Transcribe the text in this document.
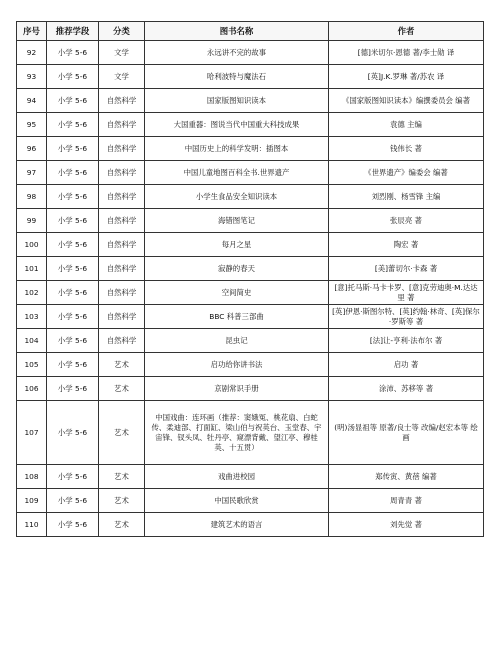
序号	推荐学段	分类	图书名称	作者
92	小学 5-6	文学	永远讲不完的故事	[德]米切尔·恩德 著/李士勋 译
93	小学 5-6	文学	哈利波特与魔法石	[英]J.K.罗琳 著/苏农 译
94	小学 5-6	自然科学	国家版图知识读本	《国家版图知识读本》编撰委员会 编著
95	小学 5-6	自然科学	大国重器：图说当代中国重大科技成果	袁德 主编
96	小学 5-6	自然科学	中国历史上的科学发明：插图本	钱伟长 著
97	小学 5-6	自然科学	中国儿童地图百科全书.世界遗产	《世界遗产》编委会 编著
98	小学 5-6	自然科学	小学生食品安全知识读本	刘烈刚、杨雪锋 主编
99	小学 5-6	自然科学	海错图笔记	张辰亮 著
100	小学 5-6	自然科学	每月之星	陶宏 著
101	小学 5-6	自然科学	寂静的春天	[美]蕾切尔·卡森 著
102	小学 5-6	自然科学	空间简史	[意]托马斯·马卡卡罗、[意]克劳迪奥·M.达达里 著
103	小学 5-6	自然科学	BBC 科普三部曲	[英]伊恩·斯图尔特、[英]约翰·林奇、[英]保尔·罗斯等 著
104	小学 5-6	自然科学	昆虫记	[法]让-亨利·法布尔 著
105	小学 5-6	艺术	启功给你讲书法	启功 著
106	小学 5-6	艺术	京剧常识手册	涂沛、苏移等 著
107	小学 5-6	艺术	中国戏曲：连环画（推荐：窦娥冤、桃花扇、白蛇传、柔迪部、打面缸、梁山伯与祝英台、玉堂春、宇宙锋、钗头凤、牡丹亭、窥漂背戴、望江亭、穆桂英、十五贯）	(明)汤显祖等 原著/良士等 改编/赵宏本等 绘画
108	小学 5-6	艺术	戏曲进校园	郑传寅、黄蓓 编著
109	小学 5-6	艺术	中国民歌欣赏	周青青 著
110	小学 5-6	艺术	建筑艺术的语言	刘先觉 著
